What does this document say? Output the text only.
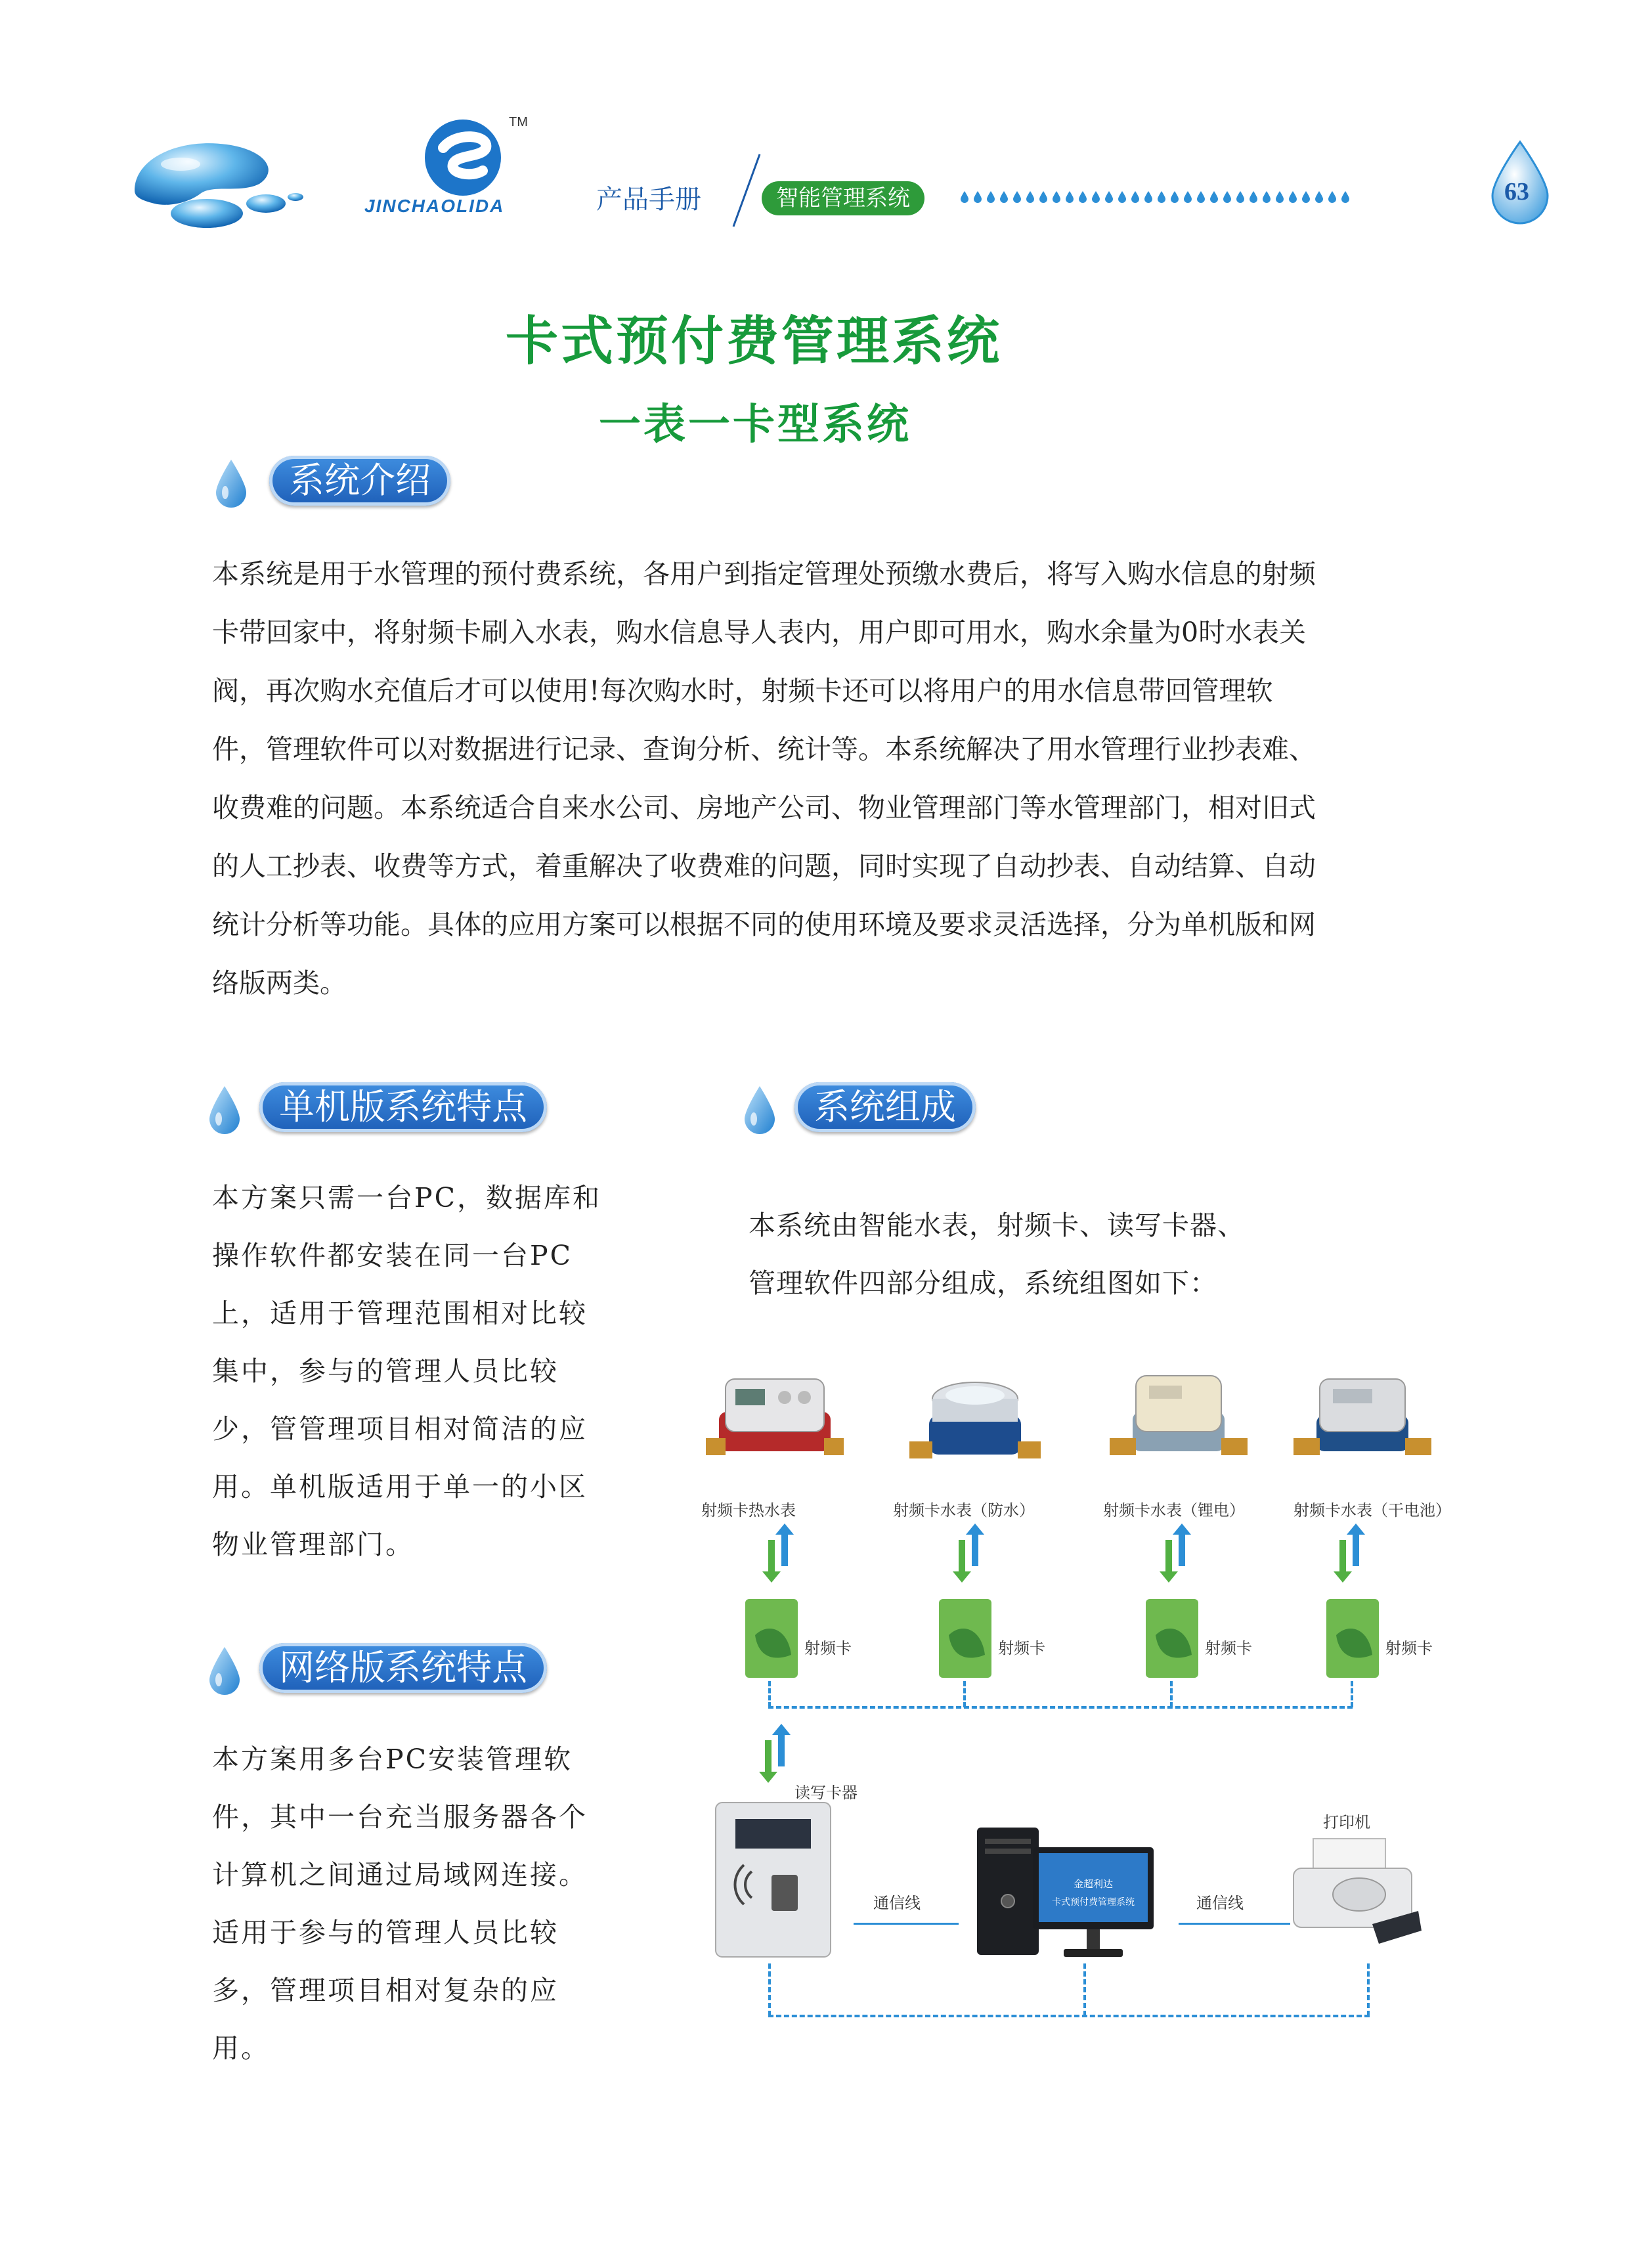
TM
JINCHAOLIDA	产品手册	智能管理系统	63
卡式预付费管理系统
一表一卡型系统
系统介绍
本系统是用于水管理的预付费系统，各用户到指定管理处预缴水费后，将写入购水信息的射频
卡带回家中，将射频卡刷入水表，购水信息导人表内，用户即可用水，购水余量为0时水表关
阀，再次购水充值后才可以使用!每次购水时，射频卡还可以将用户的用水信息带回管理软
件，管理软件可以对数据进行记录、查询分析、统计等。本系统解决了用水管理行业抄表难、
收费难的问题。本系统适合自来水公司、房地产公司、物业管理部门等水管理部门，相对旧式
的人工抄表、收费等方式，着重解决了收费难的问题，同时实现了自动抄表、自动结算、自动
统计分析等功能。具体的应用方案可以根据不同的使用环境及要求灵活选择，分为单机版和网
络版两类。
单机版系统特点
本方案只需一台PC，数据库和
操作软件都安装在同一台PC
上，适用于管理范围相对比较
集中，参与的管理人员比较
少，管管理项目相对简洁的应
用。单机版适用于单一的小区
物业管理部门。
网络版系统特点
本方案用多台PC安装管理软
件，其中一台充当服务器各个
计算机之间通过局域网连接。
适用于参与的管理人员比较
多，管理项目相对复杂的应
用。
系统组成
本系统由智能水表，射频卡、读写卡器、
管理软件四部分组成，系统组图如下：
射频卡热水表	射频卡水表（防水）	射频卡水表（锂电）	射频卡水表（干电池）
射频卡	射频卡	射频卡	射频卡
读写卡器
通信线
金超利达
卡式预付费管理系统	通信线
打印机
